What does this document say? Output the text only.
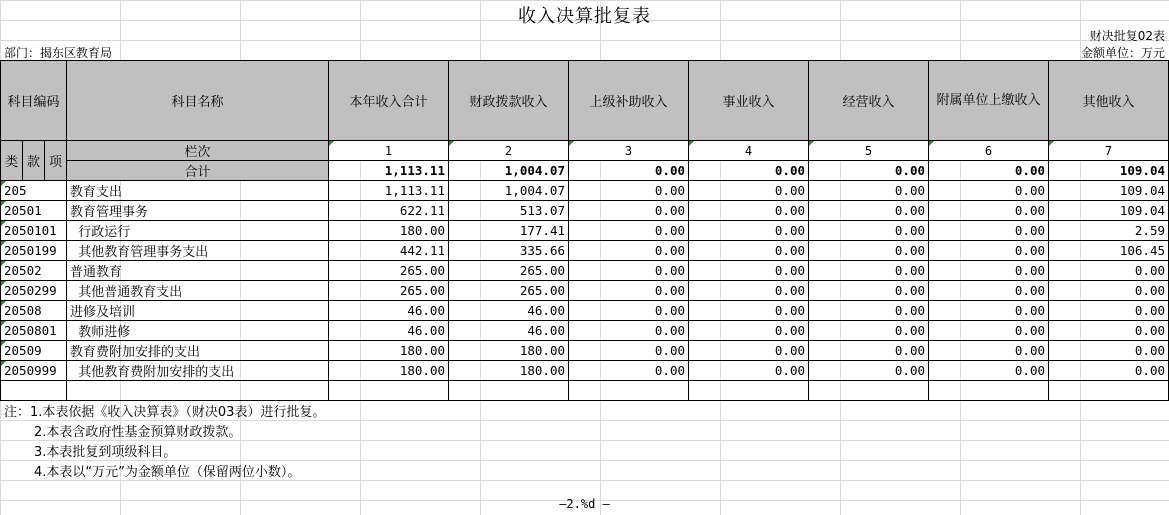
收入决算批复表
财决批复02表
部门：揭东区教育局	金额单位：万元
科目编码			科目名称	本年收入合计	财政拨款收入	上级补助收入	事业收入	经营收入	附属单位上缴收入	其他收入
类	款	项	栏次	1	2	3	4	5	6	7
			合计	1,113.11	1,004.07	0.00	0.00	0.00	0.00	109.04
205			教育支出	1,113.11	1,004.07	0.00	0.00	0.00	0.00	109.04
20501			教育管理事务	622.11	513.07	0.00	0.00	0.00	0.00	109.04
2050101			行政运行	180.00	177.41	0.00	0.00	0.00	0.00	2.59
2050199			其他教育管理事务支出	442.11	335.66	0.00	0.00	0.00	0.00	106.45
20502			普通教育	265.00	265.00	0.00	0.00	0.00	0.00	0.00
2050299			其他普通教育支出	265.00	265.00	0.00	0.00	0.00	0.00	0.00
20508			进修及培训	46.00	46.00	0.00	0.00	0.00	0.00	0.00
2050801			教师进修	46.00	46.00	0.00	0.00	0.00	0.00	0.00
20509			教育费附加安排的支出	180.00	180.00	0.00	0.00	0.00	0.00	0.00
2050999			其他教育费附加安排的支出	180.00	180.00	0.00	0.00	0.00	0.00	0.00

注：1.本表依据《收入决算表》（财决03表）进行批复。
2.本表含政府性基金预算财政拨款。
3.本表批复到项级科目。
4.本表以“万元”为金额单位（保留两位小数）。
—2.%d —
